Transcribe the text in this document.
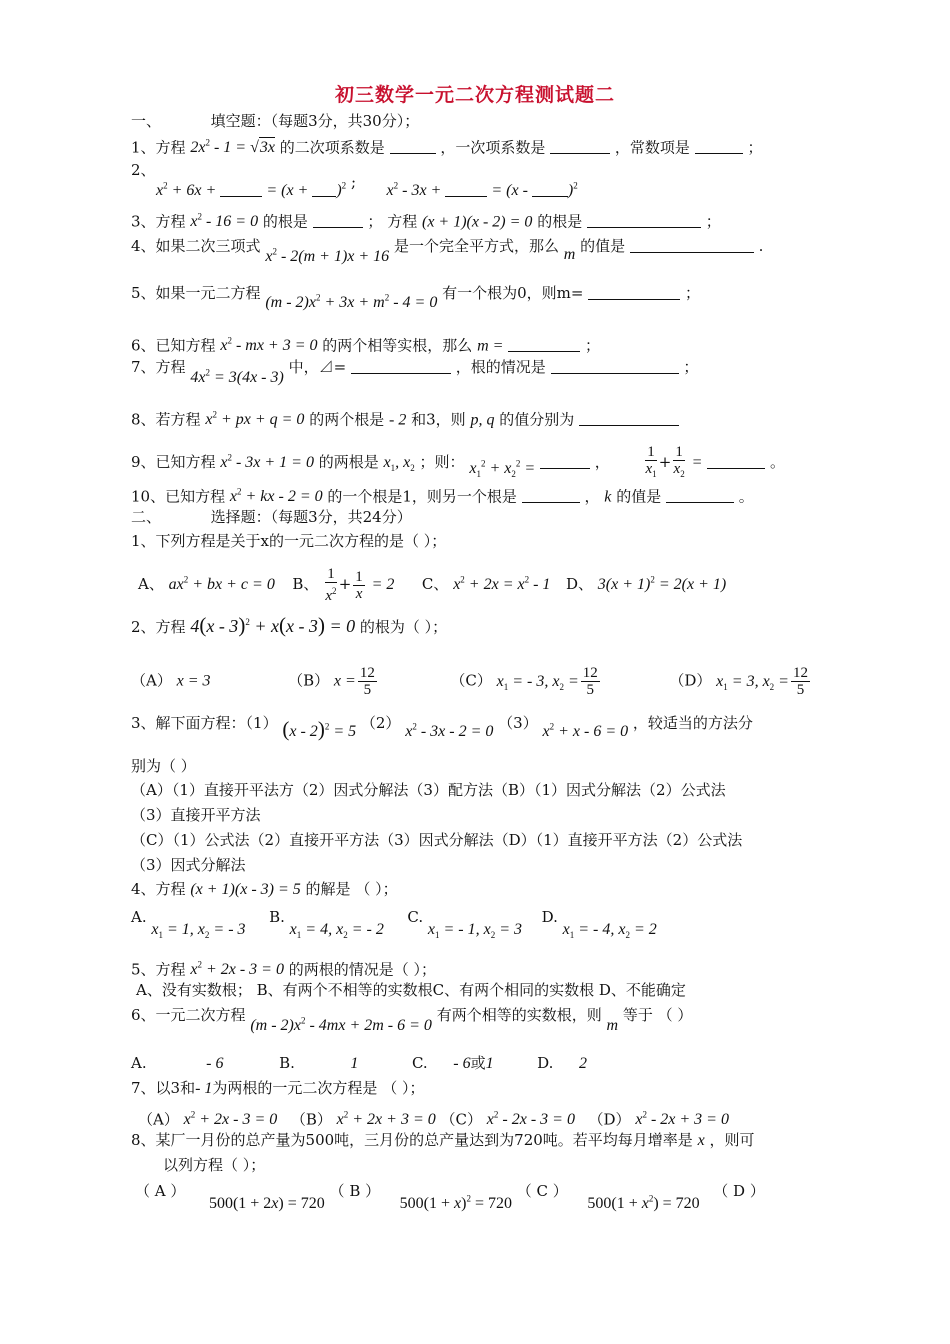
初三数学一元二次方程测试题二
一、	填空题：（每题3分，共30分）；
1、方程 $2x^2 - 1 = √3x$ 的二次项系数是	，一次项系数是	，常数项是	；
2、
$x^2 + 6x$ +	= $(x + )^2$ ; $x^2 - 3x$ +	= (x - )$^2$
3、方程 $x^2 - 16 = 0$ 的根是	； 方程 (x + 1)(x - 2) = 0 的根是	；
4、如果二次三项式 $x^2 - 2(m + 1)x + 16$ 是一个完全平方式，那么 m 的值是	.
5、如果一元二方程 $(m - 2)x^2 + 3x + m^2 - 4 = 0$ 有一个根为0，则m=	；
6、已知方程 $x^2$ - mx + 3 = 0 的两个相等实根，那么 m =	；
7、方程 $4x^2 = 3(4x - 3)$ 中，⊿=	，根的情况是	；
8、若方程 $x^2$ + px + q = 0 的两个根是 - 2 和3，则 p, q 的值分别为
9、已知方程 $x^2 - 3x + 1 = 0$ 的两根是 $x_1$, $x_2$ ；则： $x_1^2 + x_2^2$ =	， $\frac{1}{x_1} + \frac{1}{x_2}$ =	。
10、已知方程 $x^2$ + kx - 2 = 0 的一个根是1，则另一个根是	， k 的值是	。
二、	选择题：（每题3分，共24分）
1、下列方程是关于x的一元二次方程的是（ ）；
A、 $ax^2$ + bx + c = 0 B、 $\frac{1}{x^2} + \frac{1}{x} = 2$ C、 $x^2 + 2x = x^2 - 1$ D、 $3(x + 1)^2 = 2(x + 1)$
2、方程 4(x - 3)$^2$ + x(x - 3) = 0 的根为（ ）；
（A） x = 3	（B） $x = \frac{12}{5}$	（C） $x_1$ = - 3, $x_2 = \frac{12}{5}$	（D） $x_1 = 3$, $x_2 = \frac{12}{5}$
3、解下面方程：（1） (x - 2)$^2$ = 5 （2） $x^2 - 3x - 2 = 0$ （3） $x^2 + x - 6 = 0$ ，较适当的方法分
别为（ ）
（A）（1）直接开平法方（2）因式分解法（3）配方法（B）（1）因式分解法（2）公式法
（3）直接开平方法
（C）（1）公式法（2）直接开平方法（3）因式分解法（D）（1）直接开平方法（2）公式法
（3）因式分解法
4、方程 (x + 1)(x - 3) = 5 的解是 （ ）；
A. $x_1 = 1$, $x_2$ = - 3  B. $x_1 = 4$, $x_2$ = - 2  C. $x_1$ = - 1, $x_2 = 3$  D. $x_1$ = - 4, $x_2 = 2$
5、方程 $x^2 + 2x - 3 = 0$ 的两根的情况是（ ）；
A、没有实数根； B、有两个不相等的实数根C、有两个相同的实数根 D、不能确定
6、一元二次方程 $(m - 2)x^2 - 4mx + 2m - 6 = 0$ 有两个相等的实数根，则 m 等于 （ ）
A.	- 6	B.	1	C. - 6或1	D. 2
7、以3和- 1为两根的一元二次方程是 （ ）；
（A） $x^2 + 2x - 3 = 0$ （B） $x^2 + 2x + 3 = 0$ （C） $x^2 - 2x - 3 = 0$ （D） $x^2 - 2x + 3 = 0$
8、某厂一月份的总产量为500吨，三月份的总产量达到为720吨。若平均每月增率是 x ，则可
以列方程（ ）；
（ A ）  500(1 + 2x) = 720 （ B ）  $500(1 + x)^2 = 720$ （ C ）  $500(1 + x^2) = 720$  （ D ）
